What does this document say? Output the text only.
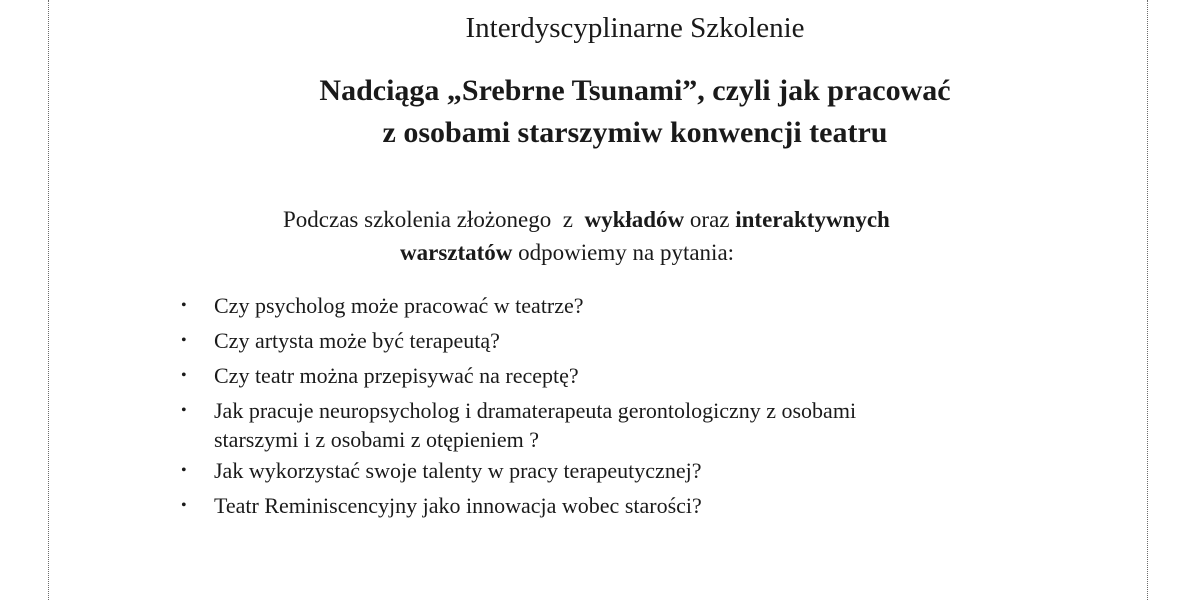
Interdyscyplinarne Szkolenie
Nadciąga „Srebrne Tsunami”, czyli jak pracować
z osobami starszymiw konwencji teatru
Podczas szkolenia złożonego  z  wykładów oraz interaktywnych
warsztatów odpowiemy na pytania:
• Czy psycholog może pracować w teatrze?
• Czy artysta może być terapeutą?
• Czy teatr można przepisywać na receptę?
• Jak pracuje neuropsycholog i dramaterapeuta gerontologiczny z osobami
starszymi i z osobami z otępieniem ?
• Jak wykorzystać swoje talenty w pracy terapeutycznej?
• Teatr Reminiscencyjny jako innowacja wobec starości?
